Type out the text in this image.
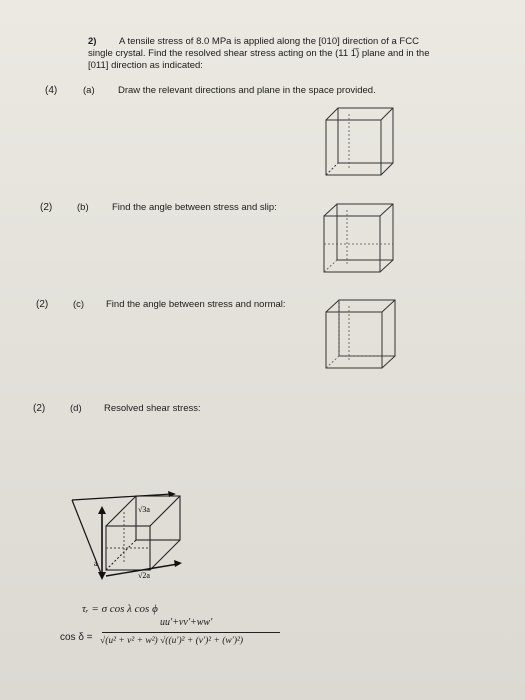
2) A tensile stress of 8.0 MPa is applied along the [010] direction of a FCC
single crystal. Find the resolved shear stress acting on the (11 1̅) plane and in the
[011] direction as indicated:
(4)	(a) Draw the relevant directions and plane in the space provided.
(2)	(b) Find the angle between stress and slip:
(2)	(c) Find the angle between stress and normal:
(2)	(d) Resolved shear stress:
√3a
a
√2a
τᵣ = σ cos λ cos ϕ
cos δ =
uu′+vv′+ww′
√(u² + v² + w²) √((u′)² + (v′)² + (w′)²)
